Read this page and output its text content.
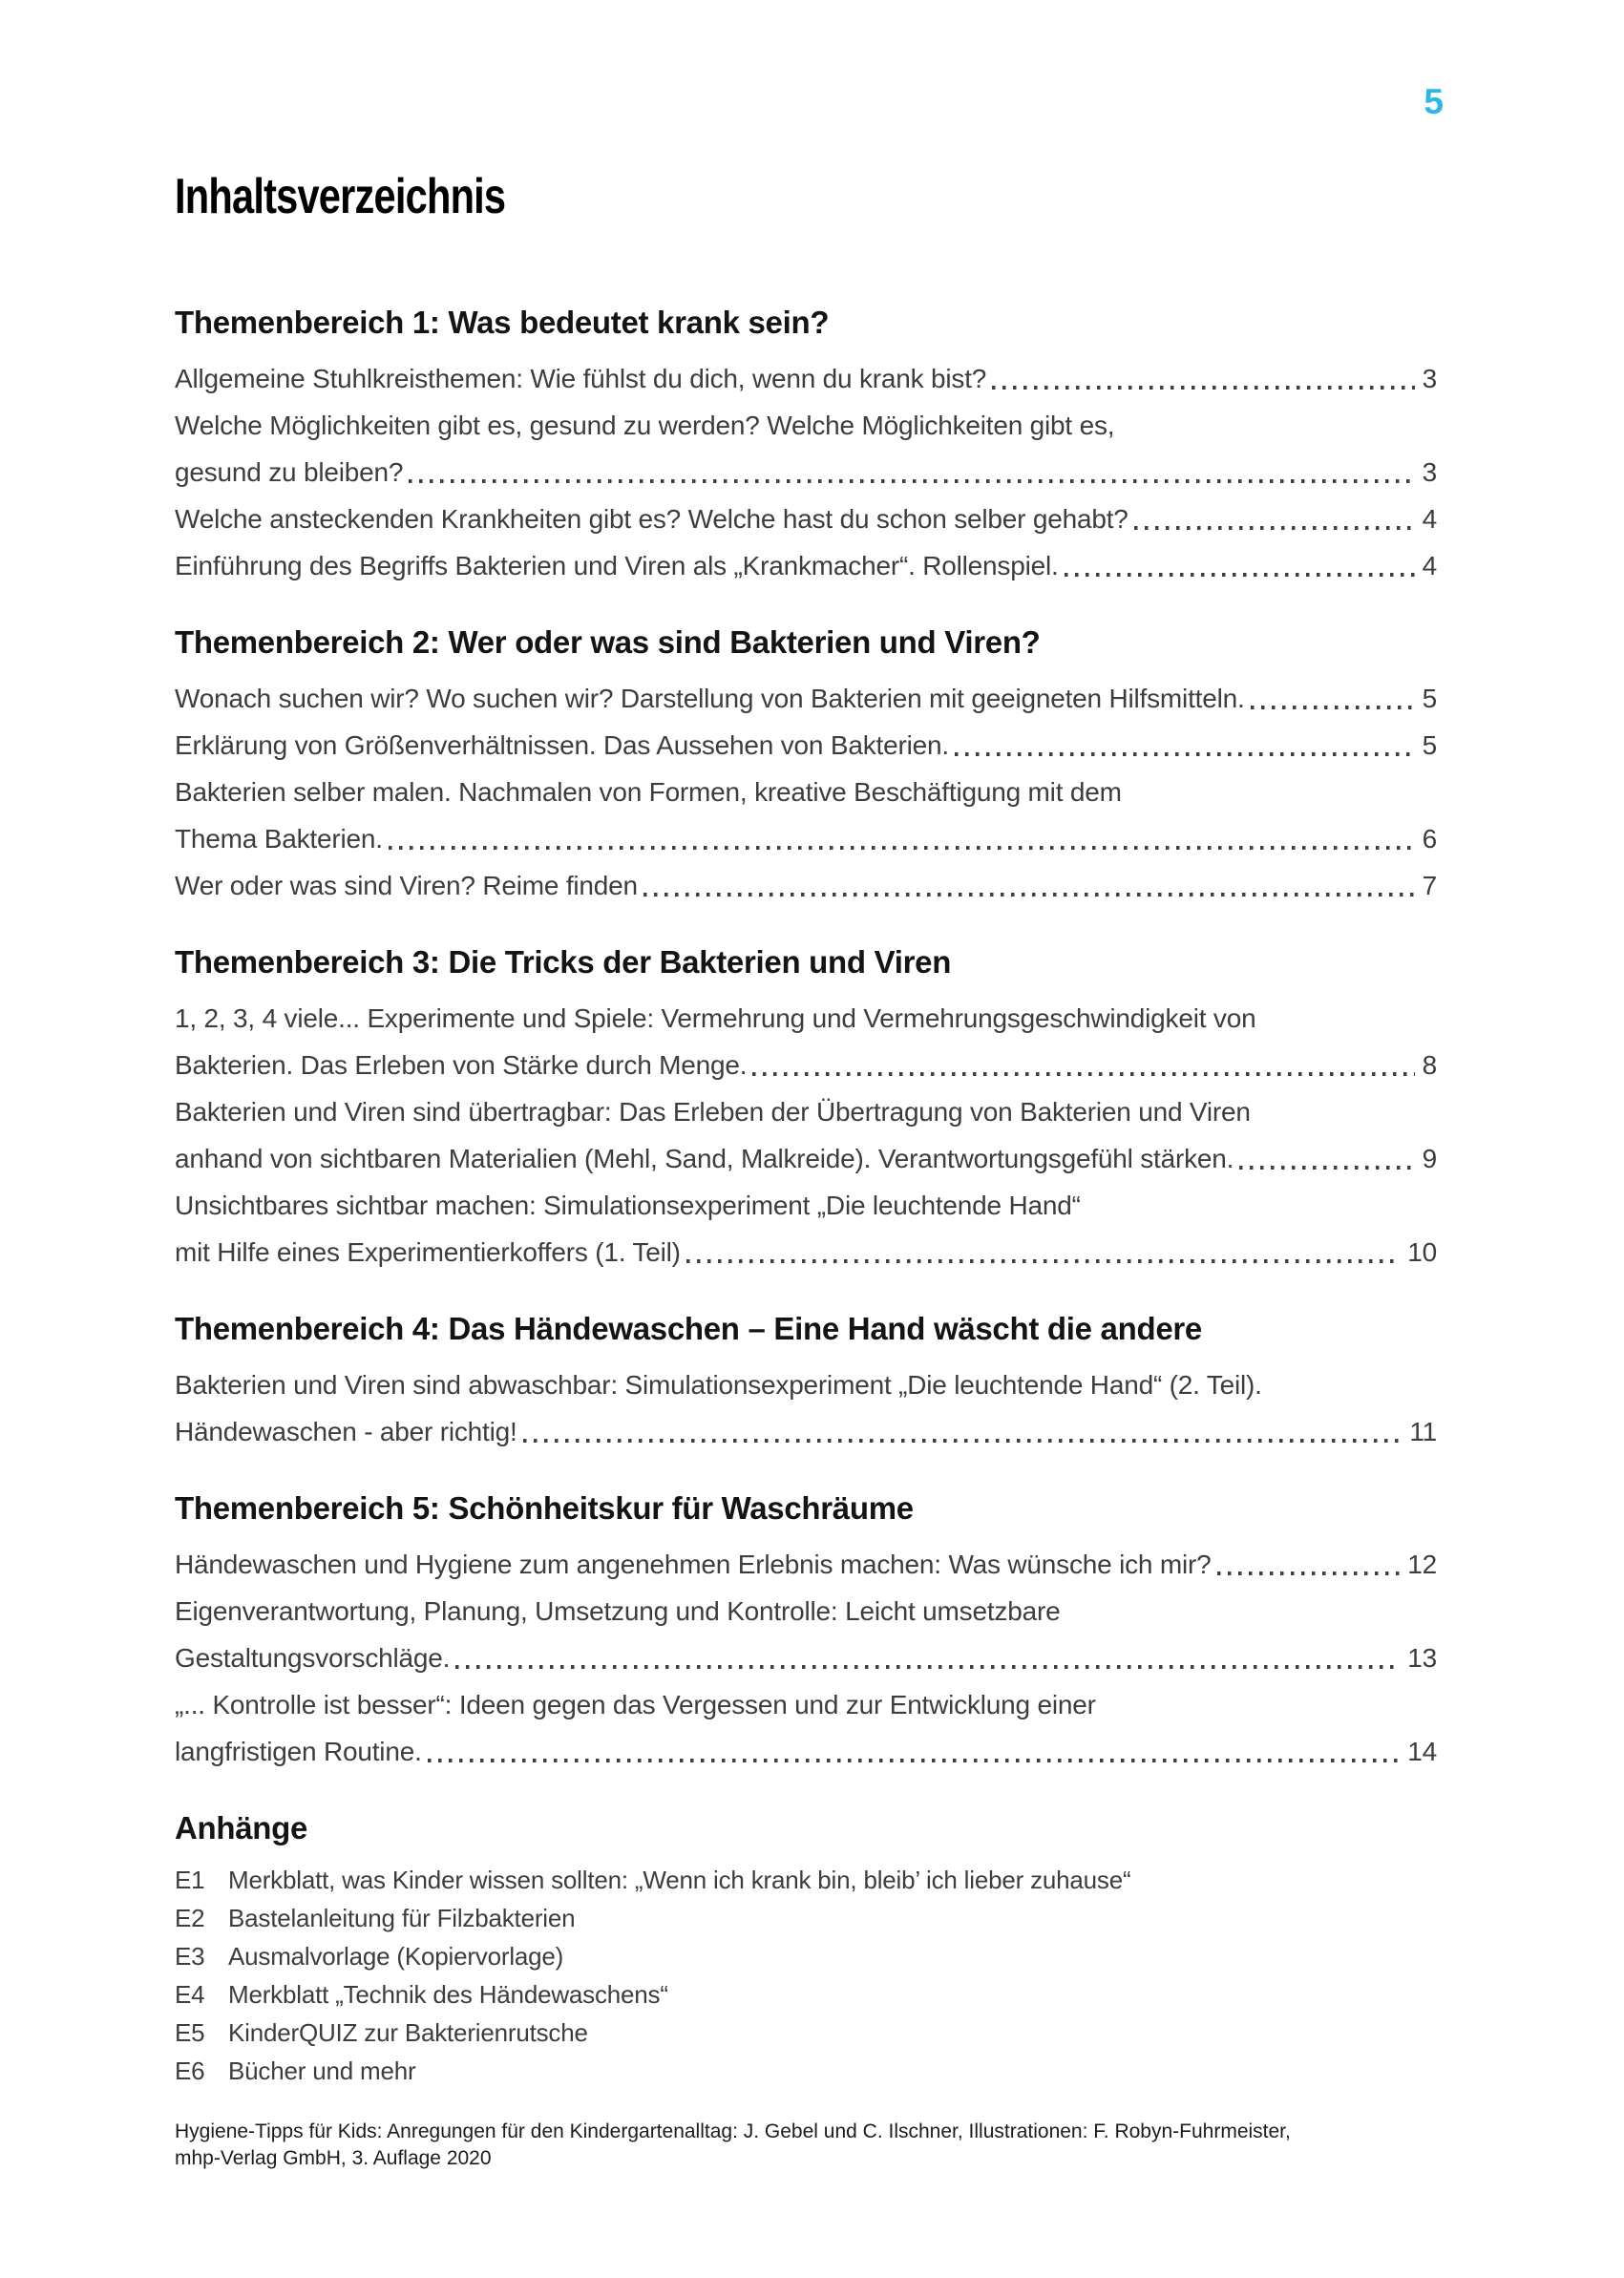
5
Inhaltsverzeichnis
Themenbereich 1: Was bedeutet krank sein?
Allgemeine Stuhlkreisthemen: Wie fühlst du dich, wenn du krank bist?	3
Welche Möglichkeiten gibt es, gesund zu werden? Welche Möglichkeiten gibt es,
gesund zu bleiben?	3
Welche ansteckenden Krankheiten gibt es? Welche hast du schon selber gehabt?	4
Einführung des Begriffs Bakterien und Viren als „Krankmacher“. Rollenspiel.	4
Themenbereich 2: Wer oder was sind Bakterien und Viren?
Wonach suchen wir? Wo suchen wir? Darstellung von Bakterien mit geeigneten Hilfsmitteln.	5
Erklärung von Größenverhältnissen. Das Aussehen von Bakterien.	5
Bakterien selber malen. Nachmalen von Formen, kreative Beschäftigung mit dem
Thema Bakterien.	6
Wer oder was sind Viren? Reime finden	7
Themenbereich 3: Die Tricks der Bakterien und Viren
1, 2, 3, 4 viele... Experimente und Spiele: Vermehrung und Vermehrungsgeschwindigkeit von
Bakterien. Das Erleben von Stärke durch Menge.	8
Bakterien und Viren sind übertragbar: Das Erleben der Übertragung von Bakterien und Viren
anhand von sichtbaren Materialien (Mehl, Sand, Malkreide). Verantwortungsgefühl stärken.	9
Unsichtbares sichtbar machen: Simulationsexperiment „Die leuchtende Hand“
mit Hilfe eines Experimentierkoffers (1. Teil)	10
Themenbereich 4: Das Händewaschen – Eine Hand wäscht die andere
Bakterien und Viren sind abwaschbar: Simulationsexperiment „Die leuchtende Hand“ (2. Teil).
Händewaschen - aber richtig!	11
Themenbereich 5: Schönheitskur für Waschräume
Händewaschen und Hygiene zum angenehmen Erlebnis machen: Was wünsche ich mir?	12
Eigenverantwortung, Planung, Umsetzung und Kontrolle: Leicht umsetzbare
Gestaltungsvorschläge.	13
„... Kontrolle ist besser“: Ideen gegen das Vergessen und zur Entwicklung einer
langfristigen Routine.	14
Anhänge
E1 Merkblatt, was Kinder wissen sollten: „Wenn ich krank bin, bleib’ ich lieber zuhause“
E2 Bastelanleitung für Filzbakterien
E3 Ausmalvorlage (Kopiervorlage)
E4 Merkblatt „Technik des Händewaschens“
E5 KinderQUIZ zur Bakterienrutsche
E6 Bücher und mehr
Hygiene-Tipps für Kids: Anregungen für den Kindergartenalltag: J. Gebel und C. Ilschner, Illustrationen: F. Robyn-Fuhrmeister,
mhp-Verlag GmbH, 3. Auflage 2020
